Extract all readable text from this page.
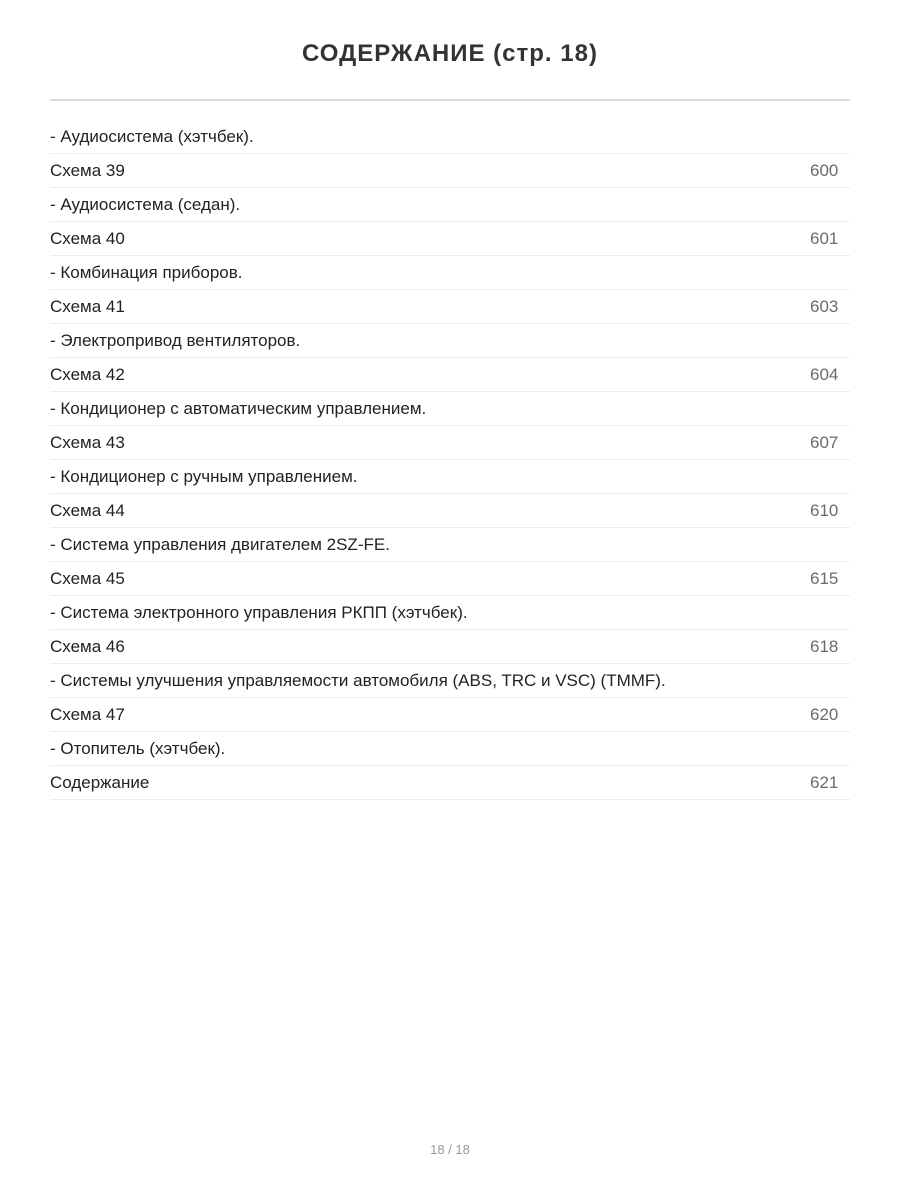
СОДЕРЖАНИЕ (стр. 18)
- Аудиосистема (хэтчбек).
Схема 39	600
- Аудиосистема (седан).
Схема 40	601
- Комбинация приборов.
Схема 41	603
- Электропривод вентиляторов.
Схема 42	604
- Кондиционер с автоматическим управлением.
Схема 43	607
- Кондиционер с ручным управлением.
Схема 44	610
- Система управления двигателем 2SZ-FE.
Схема 45	615
- Система электронного управления РКПП (хэтчбек).
Схема 46	618
- Системы улучшения управляемости автомобиля (ABS, TRC и VSC) (TMMF).
Схема 47	620
- Отопитель (хэтчбек).
Содержание	621
18 / 18
